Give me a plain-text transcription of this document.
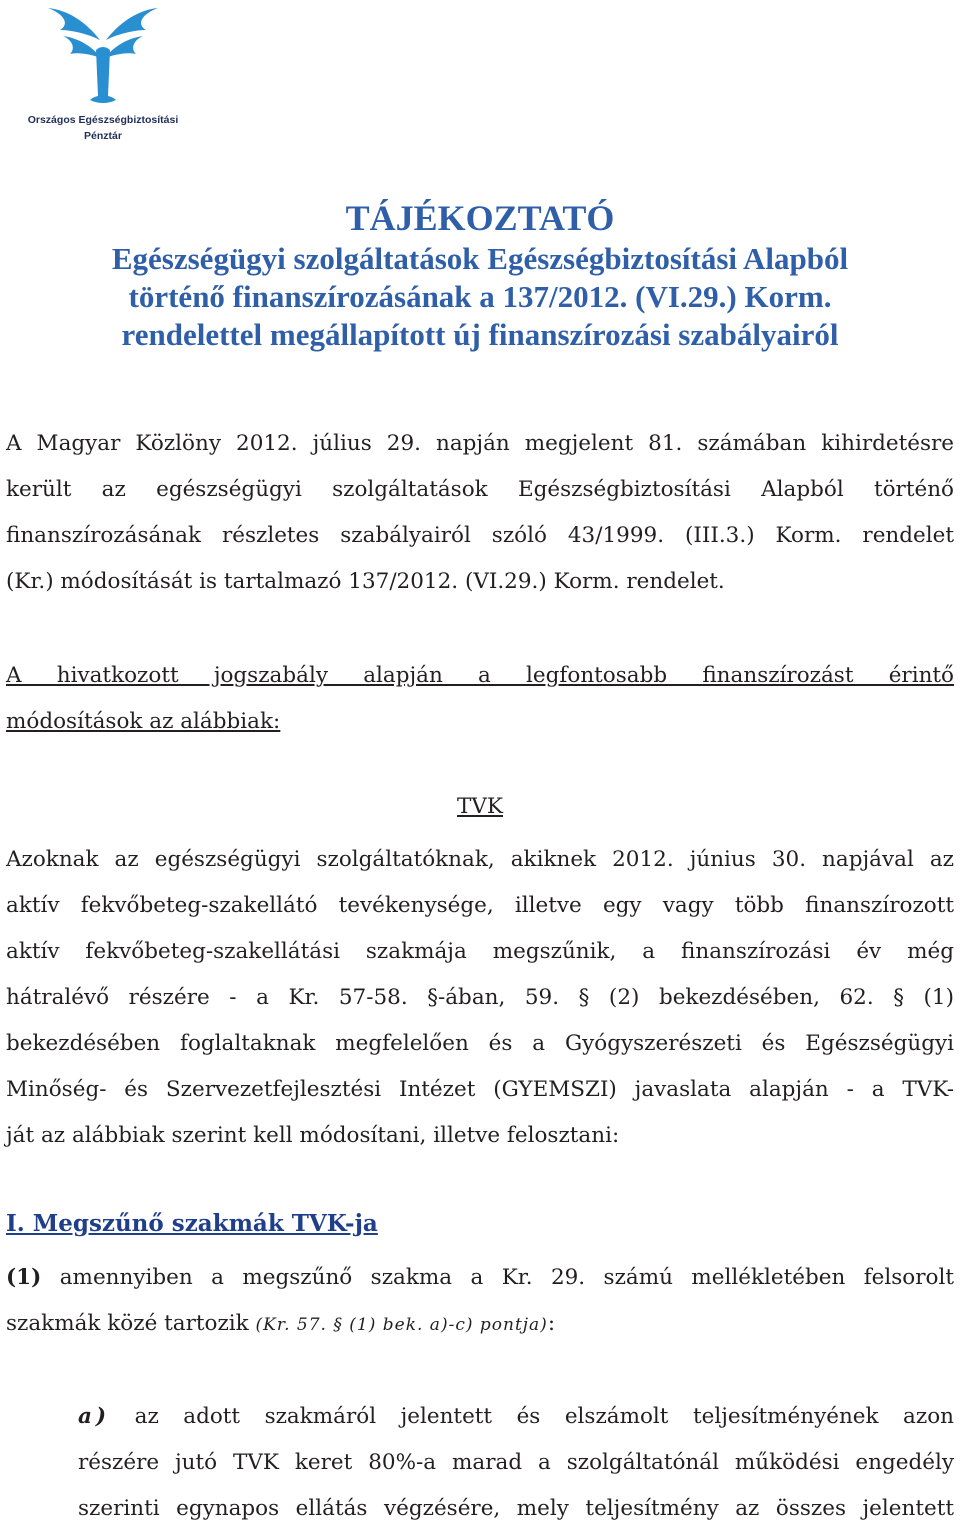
Országos Egészségbiztosítási
Pénztár
TÁJÉKOZTATÓ
Egészségügyi szolgáltatások Egészségbiztosítási Alapból
történő finanszírozásának a 137/2012. (VI.29.) Korm.
rendelettel megállapított új finanszírozási szabályairól
A Magyar Közlöny 2012. július 29. napján megjelent 81. számában kihirdetésre
került az egészségügyi szolgáltatások Egészségbiztosítási Alapból történő
finanszírozásának részletes szabályairól szóló 43/1999. (III.3.) Korm. rendelet
(Kr.) módosítását is tartalmazó 137/2012. (VI.29.) Korm. rendelet.
A hivatkozott jogszabály alapján a legfontosabb finanszírozást érintő
módosítások az alábbiak:
TVK
Azoknak az egészségügyi szolgáltatóknak, akiknek 2012. június 30. napjával az
aktív fekvőbeteg-szakellátó tevékenysége, illetve egy vagy több finanszírozott
aktív fekvőbeteg-szakellátási szakmája megszűnik, a finanszírozási év még
hátralévő részére - a Kr. 57-58. §-ában, 59. § (2) bekezdésében, 62. § (1)
bekezdésében foglaltaknak megfelelően és a Gyógyszerészeti és Egészségügyi
Minőség- és Szervezetfejlesztési Intézet (GYEMSZI) javaslata alapján - a TVK-
ját az alábbiak szerint kell módosítani, illetve felosztani:
I. Megszűnő szakmák TVK-ja
(1) amennyiben a megszűnő szakma a Kr. 29. számú mellékletében felsorolt
szakmák közé tartozik (Kr. 57. § (1) bek. a)-c) pontja):
a) az adott szakmáról jelentett és elszámolt teljesítményének azon
részére jutó TVK keret 80%-a marad a szolgáltatónál működési engedély
szerinti egynapos ellátás végzésére, mely teljesítmény az összes jelentett
